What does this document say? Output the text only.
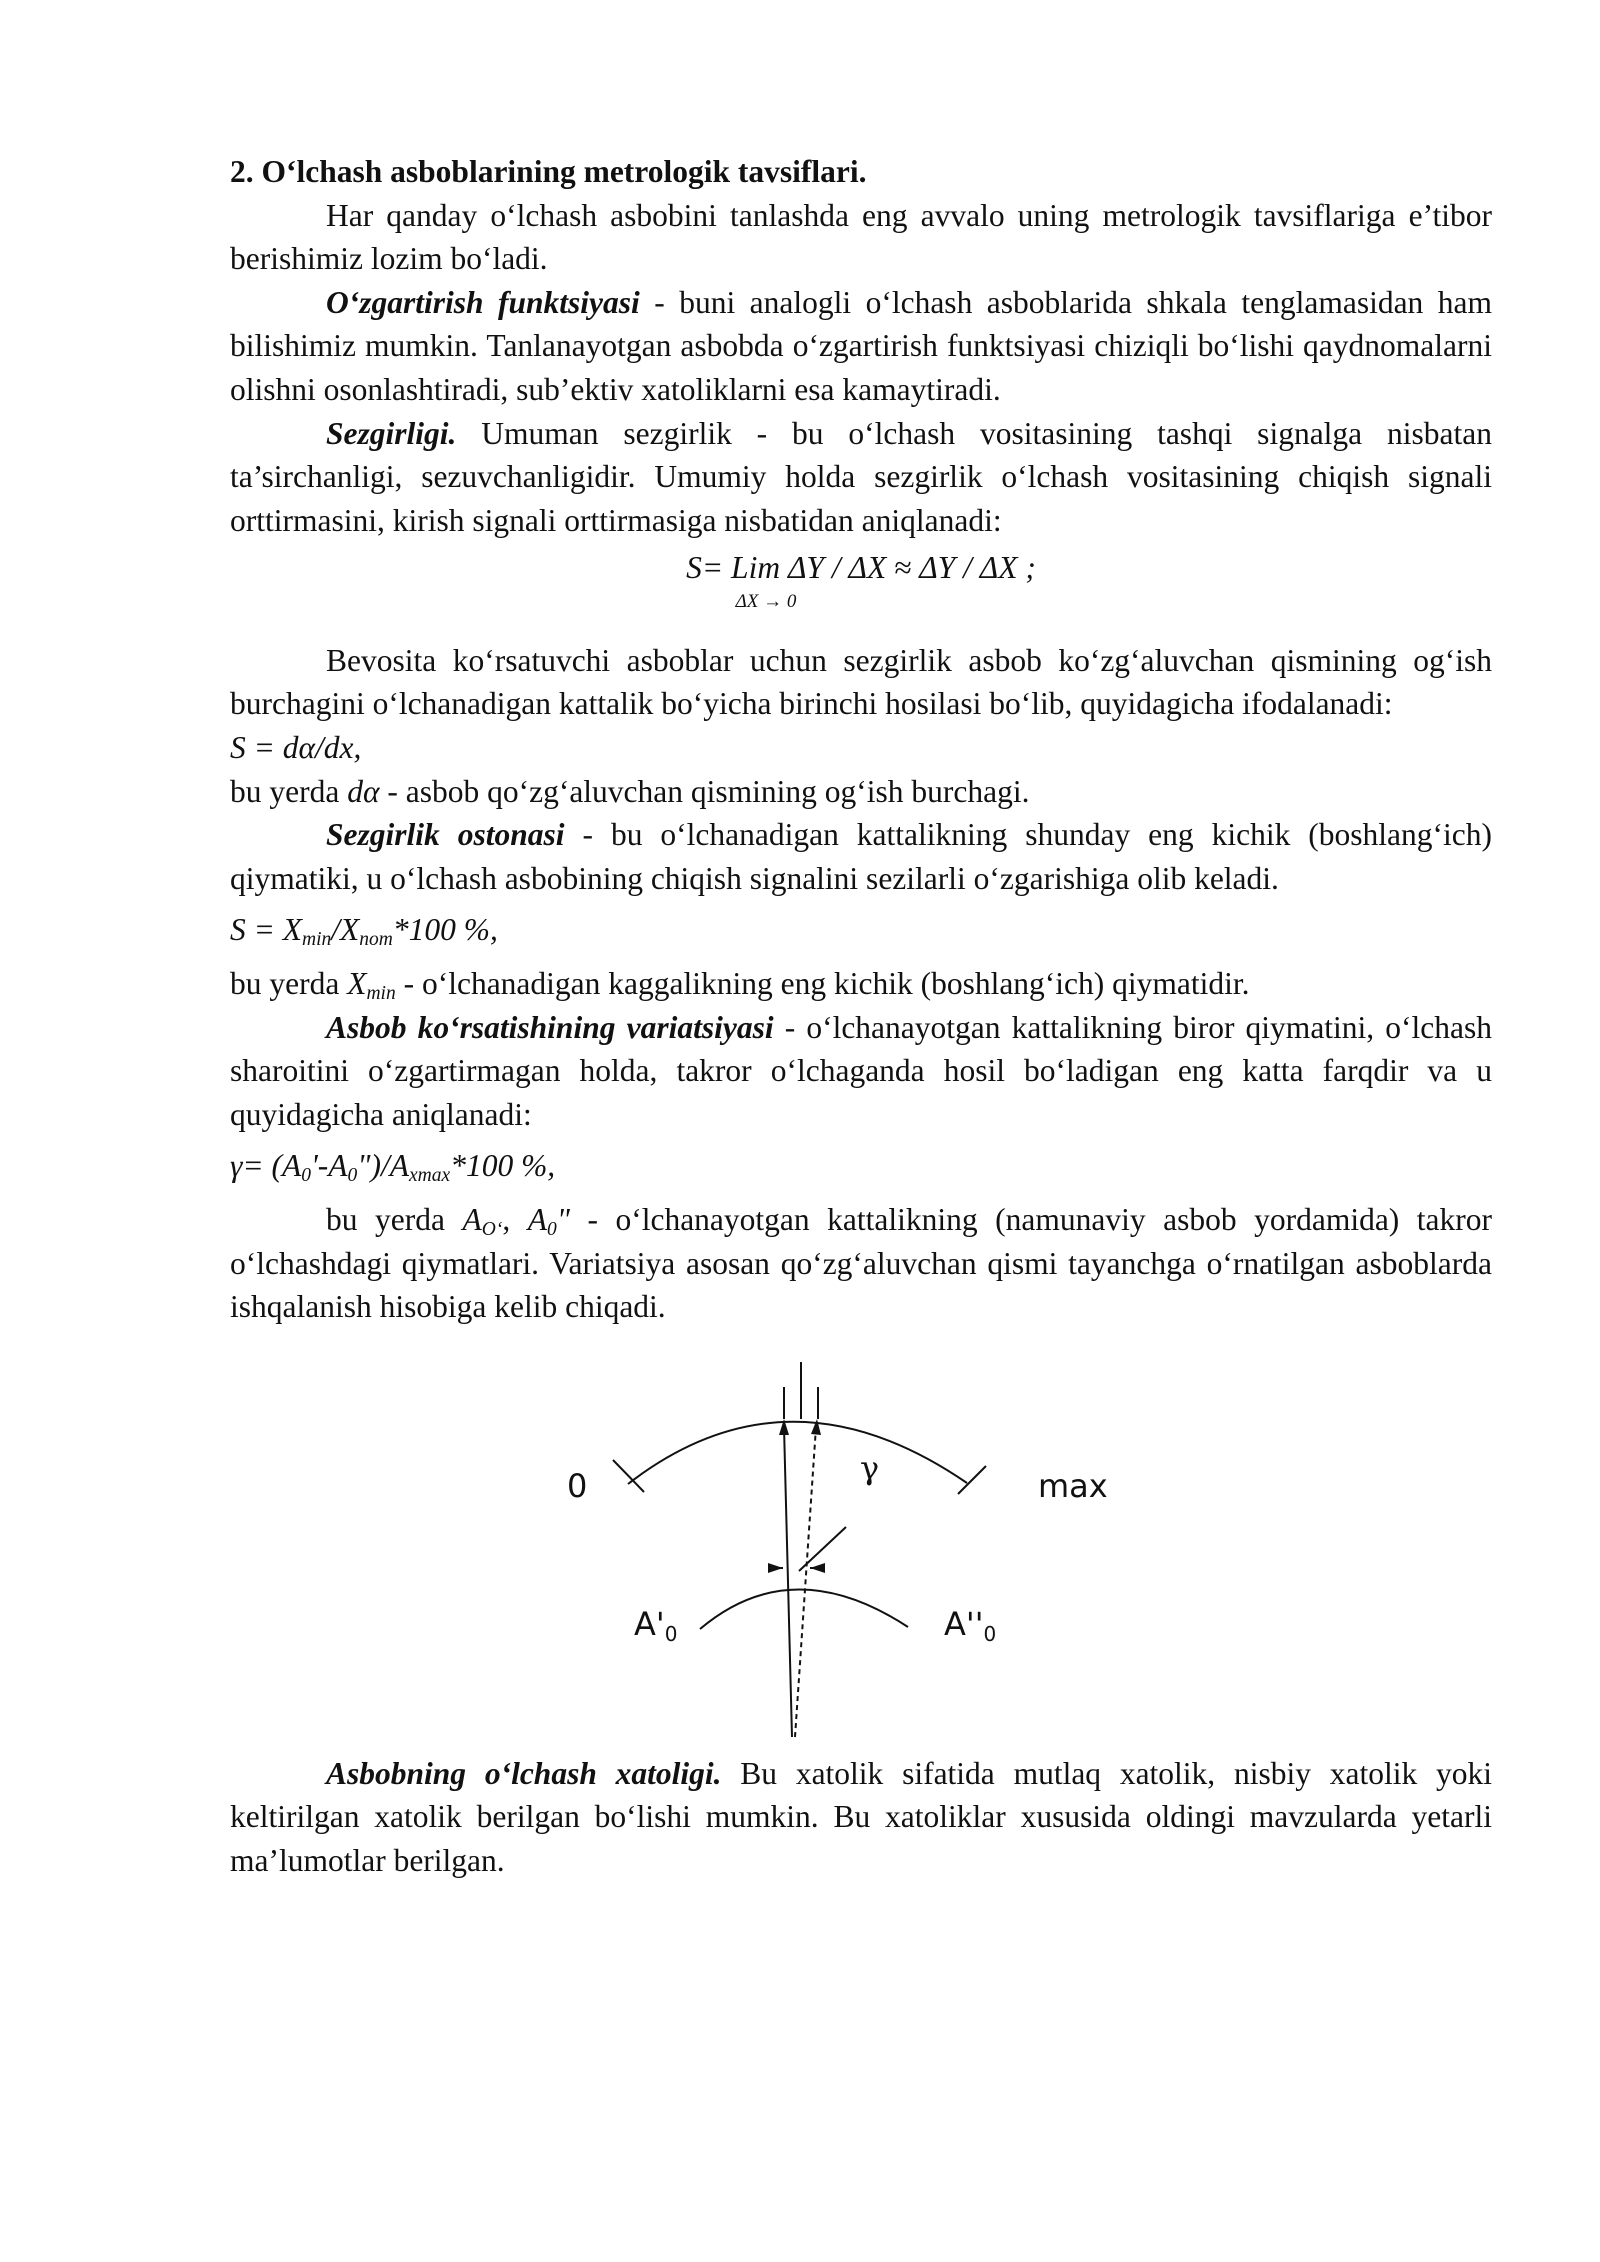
2. O‘lchash asboblarining metrologik tavsiflari.

Har qanday o‘lchash asbobini tanlashda eng avvalo uning metrologik tavsiflariga e’tibor berishimiz lozim bo‘ladi.

O‘zgartirish funktsiyasi - buni analogli o‘lchash asboblarida shkala tenglamasidan ham bilishimiz mumkin. Tanlanayotgan asbobda o‘zgartirish funktsiyasi chiziqli bo‘lishi qaydnomalarni olishni osonlashtiradi, sub’ektiv xatoliklarni esa kamaytiradi.

Sezgirligi. Umuman sezgirlik - bu o‘lchash vositasining tashqi signalga nisbatan ta’sirchanligi, sezuvchanligidir. Umumiy holda sezgirlik o‘lchash vositasining chiqish signali orttirmasini, kirish signali orttirmasiga nisbatidan aniqlanadi:

S= Lim ΔY / ΔX ≈ ΔY / ΔX ;
ΔX → 0

Bevosita ko‘rsatuvchi asboblar uchun sezgirlik asbob ko‘zg‘aluvchan qismining og‘ish burchagini o‘lchanadigan kattalik bo‘yicha birinchi hosilasi bo‘lib, quyidagicha ifodalanadi:

S = dα/dx,

bu yerda dα - asbob qo‘zg‘aluvchan qismining og‘ish burchagi.

Sezgirlik ostonasi - bu o‘lchanadigan kattalikning shunday eng kichik (boshlang‘ich) qiymatiki, u o‘lchash asbobining chiqish signalini sezilarli o‘zgarishiga olib keladi.

$S = X_{min}/X_{nom}*100$ %,

bu yerda $X_{min}$ - o‘lchanadigan kaggalikning eng kichik (boshlang‘ich) qiymatidir.

Asbob ko‘rsatishining variatsiyasi - o‘lchanayotgan kattalikning biror qiymatini, o‘lchash sharoitini o‘zgartirmagan holda, takror o‘lchaganda hosil bo‘ladigan eng katta farqdir va u quyidagicha aniqlanadi:

$\gamma= (A_0'-A_0")/A_{xmax}*100$ %,

bu yerda $A_{O‘}$, $A_0$" - o‘lchanayotgan kattalikning (namunaviy asbob yordamida) takror o‘lchashdagi qiymatlari. Variatsiya asosan qo‘zg‘aluvchan qismi tayanchga o‘rnatilgan asboblarda ishqalanish hisobiga kelib chiqadi.

0	max
γ
A'0	A''0

Asbobning o‘lchash xatoligi. Bu xatolik sifatida mutlaq xatolik, nisbiy xatolik yoki keltirilgan xatolik berilgan bo‘lishi mumkin. Bu xatoliklar xususida oldingi mavzularda yetarli ma’lumotlar berilgan.
